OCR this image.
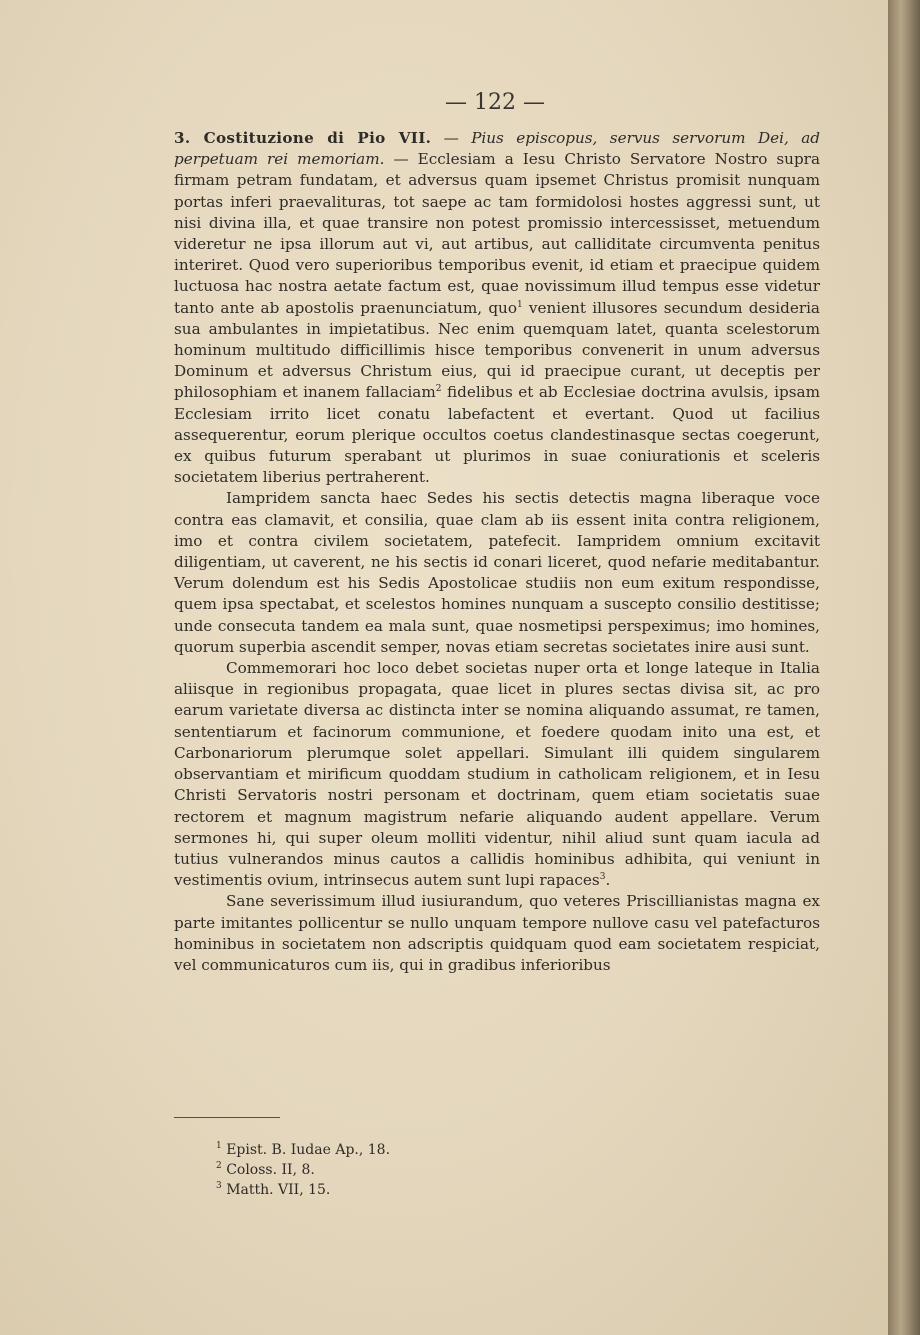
— 122 —

3. Costituzione di Pio VII. — Pius episcopus, servus servorum Dei, ad perpetuam rei memoriam. — Ecclesiam a Iesu Christo Servatore Nostro supra firmam petram fundatam, et adversus quam ipsemet Christus promisit nunquam portas inferi praevalituras, tot saepe ac tam formidolosi hostes aggressi sunt, ut nisi divina illa, et quae transire non potest promissio intercessisset, metuendum videretur ne ipsa illorum aut vi, aut artibus, aut calliditate circumventa penitus interiret. Quod vero superioribus temporibus evenit, id etiam et praecipue quidem luctuosa hac nostra aetate factum est, quae novissimum illud tempus esse videtur tanto ante ab apostolis praenunciatum, quo$^1$ venient illusores secundum desideria sua ambulantes in impietatibus. Nec enim quemquam latet, quanta scelestorum hominum multitudo difficillimis hisce temporibus convenerit in unum adversus Dominum et adversus Christum eius, qui id praecipue curant, ut deceptis per philosophiam et inanem fallaciam$^2$ fidelibus et ab Ecclesiae doctrina avulsis, ipsam Ecclesiam irrito licet conatu labefactent et evertant. Quod ut facilius assequerentur, eorum plerique occultos coetus clandestinasque sectas coegerunt, ex quibus futurum sperabant ut plurimos in suae coniurationis et sceleris societatem liberius pertraherent.

Iampridem sancta haec Sedes his sectis detectis magna liberaque voce contra eas clamavit, et consilia, quae clam ab iis essent inita contra religionem, imo et contra civilem societatem, patefecit. Iampridem omnium excitavit diligentiam, ut caverent, ne his sectis id conari liceret, quod nefarie meditabantur. Verum dolendum est his Sedis Apostolicae studiis non eum exitum respondisse, quem ipsa spectabat, et scelestos homines nunquam a suscepto consilio destitisse; unde consecuta tandem ea mala sunt, quae nosmetipsi perspeximus; imo homines, quorum superbia ascendit semper, novas etiam secretas societates inire ausi sunt.

Commemorari hoc loco debet societas nuper orta et longe lateque in Italia aliisque in regionibus propagata, quae licet in plures sectas divisa sit, ac pro earum varietate diversa ac distincta inter se nomina aliquando assumat, re tamen, sententiarum et facinorum communione, et foedere quodam inito una est, et Carbonariorum plerumque solet appellari. Simulant illi quidem singularem observantiam et mirificum quoddam studium in catholicam religionem, et in Iesu Christi Servatoris nostri personam et doctrinam, quem etiam societatis suae rectorem et magnum magistrum nefarie aliquando audent appellare. Verum sermones hi, qui super oleum molliti videntur, nihil aliud sunt quam iacula ad tutius vulnerandos minus cautos a callidis hominibus adhibita, qui veniunt in vestimentis ovium, intrinsecus autem sunt lupi rapaces$^3$.

Sane severissimum illud iusiurandum, quo veteres Priscillianistas magna ex parte imitantes pollicentur se nullo unquam tempore nullove casu vel patefacturos hominibus in societatem non adscriptis quidquam quod eam societatem respiciat, vel communicaturos cum iis, qui in gradibus inferioribus

$^1$ Epist. B. Iudae Ap., 18.
$^2$ Coloss. II, 8.
$^3$ Matth. VII, 15.
